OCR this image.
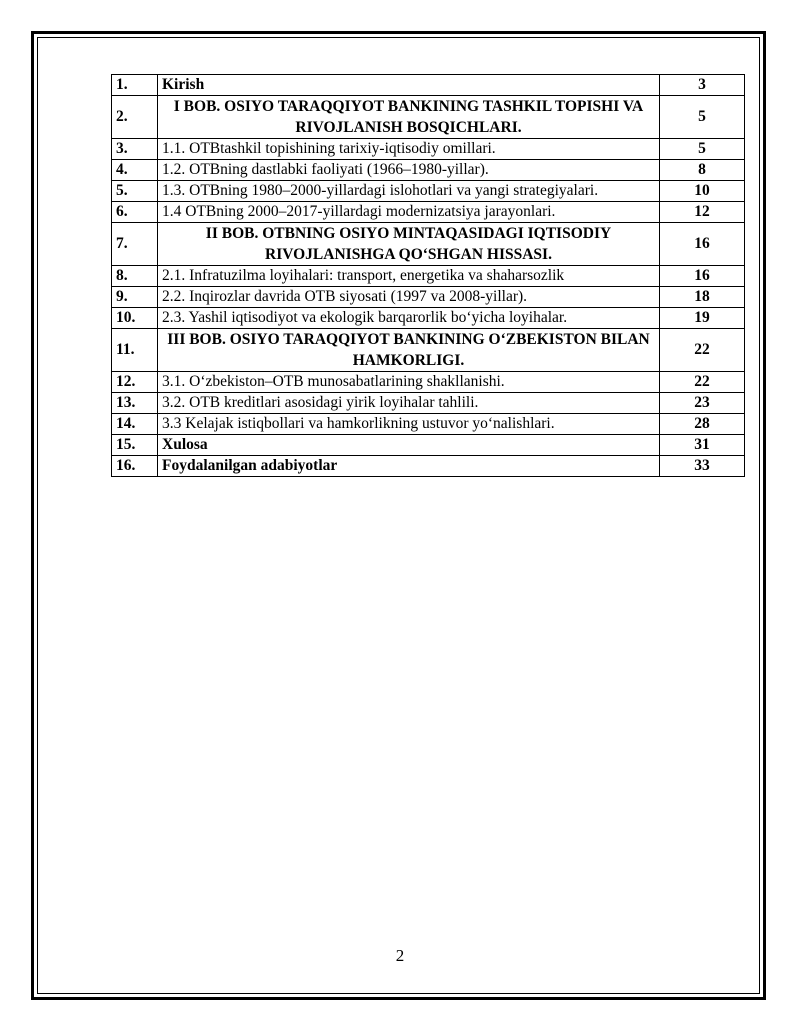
1.	Kirish	3
2.	I BOB. OSIYO TARAQQIYOT BANKINING TASHKIL TOPISHI VA RIVOJLANISH BOSQICHLARI.	5
3.	1.1. OTBtashkil topishining tarixiy-iqtisodiy omillari.	5
4.	1.2. OTBning dastlabki faoliyati (1966–1980-yillar).	8
5.	1.3. OTBning 1980–2000-yillardagi islohotlari va yangi strategiyalari.	10
6.	1.4 OTBning 2000–2017-yillardagi modernizatsiya jarayonlari.	12
7.	II BOB. OTBNING OSIYO MINTAQASIDAGI IQTISODIY RIVOJLANISHGA QO‘SHGAN HISSASI.	16
8.	2.1. Infratuzilma loyihalari: transport, energetika va shaharsozlik	16
9.	2.2. Inqirozlar davrida OTB siyosati (1997 va 2008-yillar).	18
10.	2.3. Yashil iqtisodiyot va ekologik barqarorlik bo‘yicha loyihalar.	19
11.	III BOB. OSIYO TARAQQIYOT BANKINING O‘ZBEKISTON BILAN HAMKORLIGI.	22
12.	3.1. O‘zbekiston–OTB munosabatlarining shakllanishi.	22
13.	3.2. OTB kreditlari asosidagi yirik loyihalar tahlili.	23
14.	3.3 Kelajak istiqbollari va hamkorlikning ustuvor yo‘nalishlari.	28
15.	Xulosa	31
16.	Foydalanilgan adabiyotlar	33
2
